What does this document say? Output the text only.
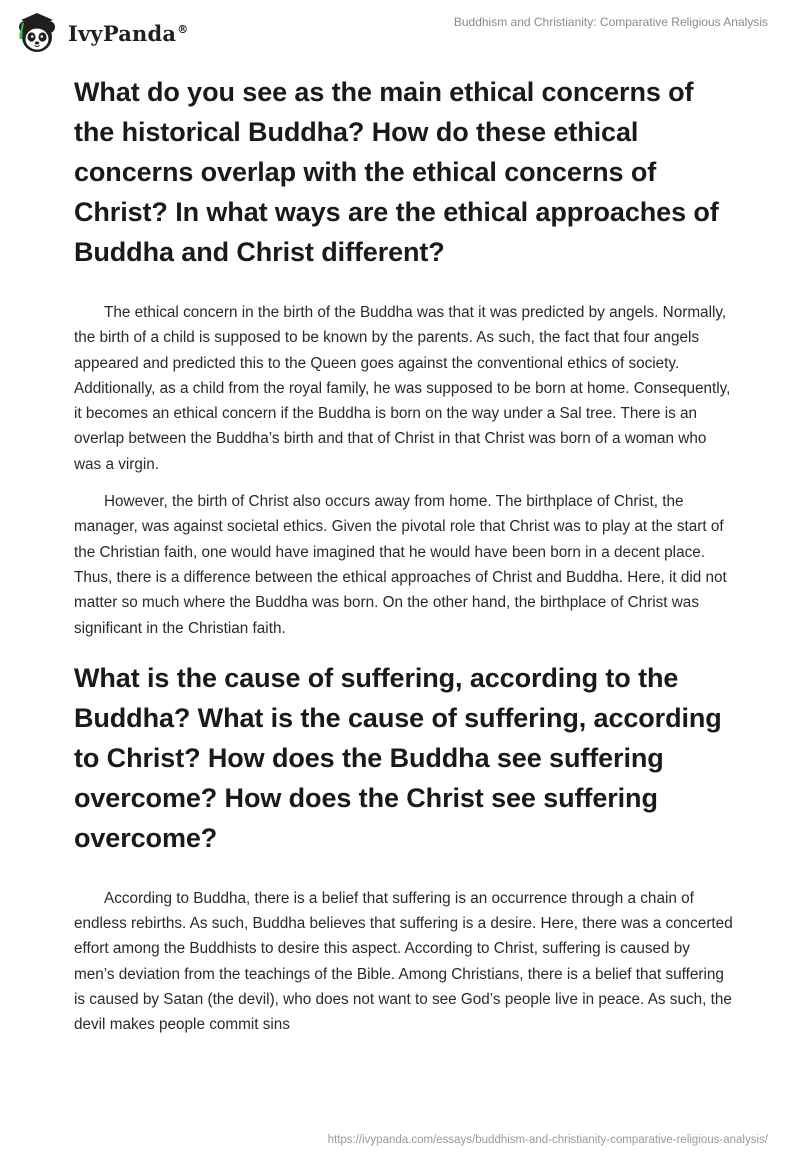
IvyPanda®	Buddhism and Christianity: Comparative Religious Analysis
What do you see as the main ethical concerns of the historical Buddha? How do these ethical concerns overlap with the ethical concerns of Christ? In what ways are the ethical approaches of Buddha and Christ different?

The ethical concern in the birth of the Buddha was that it was predicted by angels. Normally, the birth of a child is supposed to be known by the parents. As such, the fact that four angels appeared and predicted this to the Queen goes against the conventional ethics of society. Additionally, as a child from the royal family, he was supposed to be born at home. Consequently, it becomes an ethical concern if the Buddha is born on the way under a Sal tree. There is an overlap between the Buddha’s birth and that of Christ in that Christ was born of a woman who was a virgin.

However, the birth of Christ also occurs away from home. The birthplace of Christ, the manager, was against societal ethics. Given the pivotal role that Christ was to play at the start of the Christian faith, one would have imagined that he would have been born in a decent place. Thus, there is a difference between the ethical approaches of Christ and Buddha. Here, it did not matter so much where the Buddha was born. On the other hand, the birthplace of Christ was significant in the Christian faith.

What is the cause of suffering, according to the Buddha? What is the cause of suffering, according to Christ? How does the Buddha see suffering overcome? How does the Christ see suffering overcome?

According to Buddha, there is a belief that suffering is an occurrence through a chain of endless rebirths. As such, Buddha believes that suffering is a desire. Here, there was a concerted effort among the Buddhists to desire this aspect. According to Christ, suffering is caused by men’s deviation from the teachings of the Bible. Among Christians, there is a belief that suffering is caused by Satan (the devil), who does not want to see God’s people live in peace. As such, the devil makes people commit sins

https://ivypanda.com/essays/buddhism-and-christianity-comparative-religious-analysis/
